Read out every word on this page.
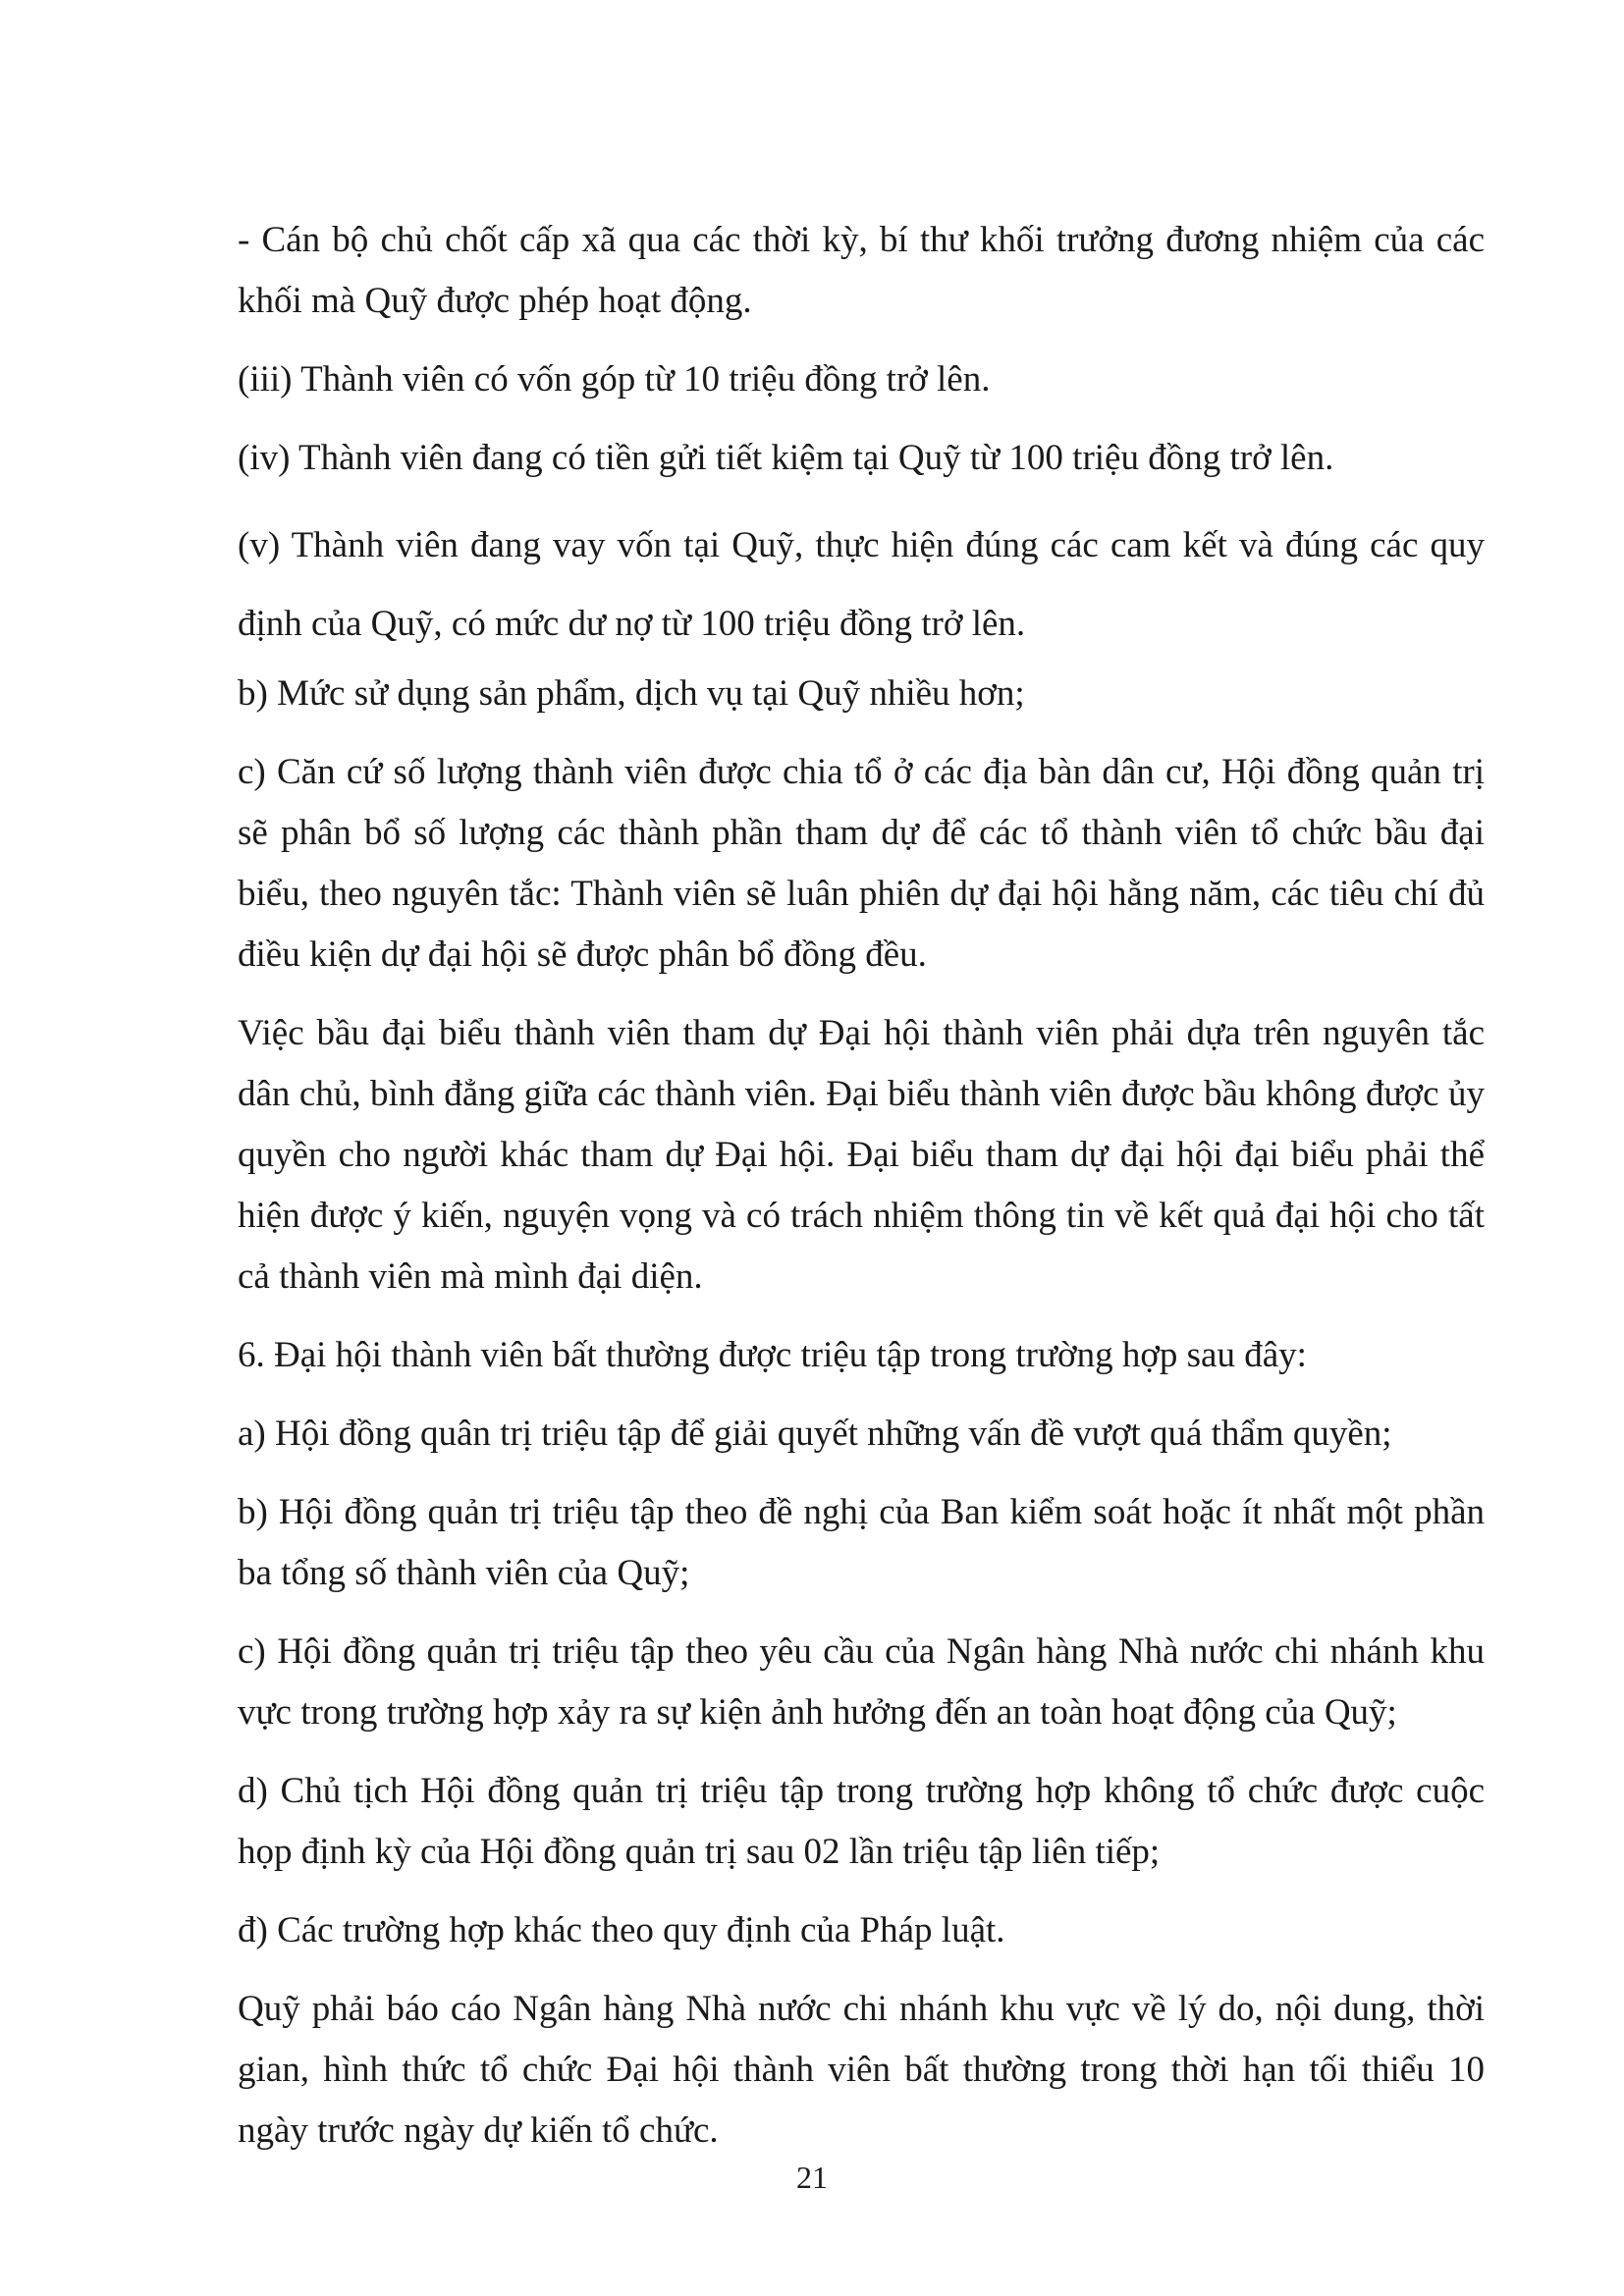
- Cán bộ chủ chốt cấp xã qua các thời kỳ, bí thư khối trưởng đương nhiệm của các khối mà Quỹ được phép hoạt động.

(iii) Thành viên có vốn góp từ 10 triệu đồng trở lên.

(iv) Thành viên đang có tiền gửi tiết kiệm tại Quỹ từ 100 triệu đồng trở lên.

(v) Thành viên đang vay vốn tại Quỹ, thực hiện đúng các cam kết và đúng các quy định của Quỹ, có mức dư nợ từ 100 triệu đồng trở lên.

b) Mức sử dụng sản phẩm, dịch vụ tại Quỹ nhiều hơn;

c) Căn cứ số lượng thành viên được chia tổ ở các địa bàn dân cư, Hội đồng quản trị sẽ phân bổ số lượng các thành phần tham dự để các tổ thành viên tổ chức bầu đại biểu, theo nguyên tắc: Thành viên sẽ luân phiên dự đại hội hằng năm, các tiêu chí đủ điều kiện dự đại hội sẽ được phân bổ đồng đều.

Việc bầu đại biểu thành viên tham dự Đại hội thành viên phải dựa trên nguyên tắc dân chủ, bình đẳng giữa các thành viên. Đại biểu thành viên được bầu không được ủy quyền cho người khác tham dự Đại hội. Đại biểu tham dự đại hội đại biểu phải thể hiện được ý kiến, nguyện vọng và có trách nhiệm thông tin về kết quả đại hội cho tất cả thành viên mà mình đại diện.

6. Đại hội thành viên bất thường được triệu tập trong trường hợp sau đây:

a) Hội đồng quân trị triệu tập để giải quyết những vấn đề vượt quá thẩm quyền;

b) Hội đồng quản trị triệu tập theo đề nghị của Ban kiểm soát hoặc ít nhất một phần ba tổng số thành viên của Quỹ;

c) Hội đồng quản trị triệu tập theo yêu cầu của Ngân hàng Nhà nước chi nhánh khu vực trong trường hợp xảy ra sự kiện ảnh hưởng đến an toàn hoạt động của Quỹ;

d) Chủ tịch Hội đồng quản trị triệu tập trong trường hợp không tổ chức được cuộc họp định kỳ của Hội đồng quản trị sau 02 lần triệu tập liên tiếp;

đ) Các trường hợp khác theo quy định của Pháp luật.

Quỹ phải báo cáo Ngân hàng Nhà nước chi nhánh khu vực về lý do, nội dung, thời gian, hình thức tổ chức Đại hội thành viên bất thường trong thời hạn tối thiểu 10 ngày trước ngày dự kiến tổ chức.

21
